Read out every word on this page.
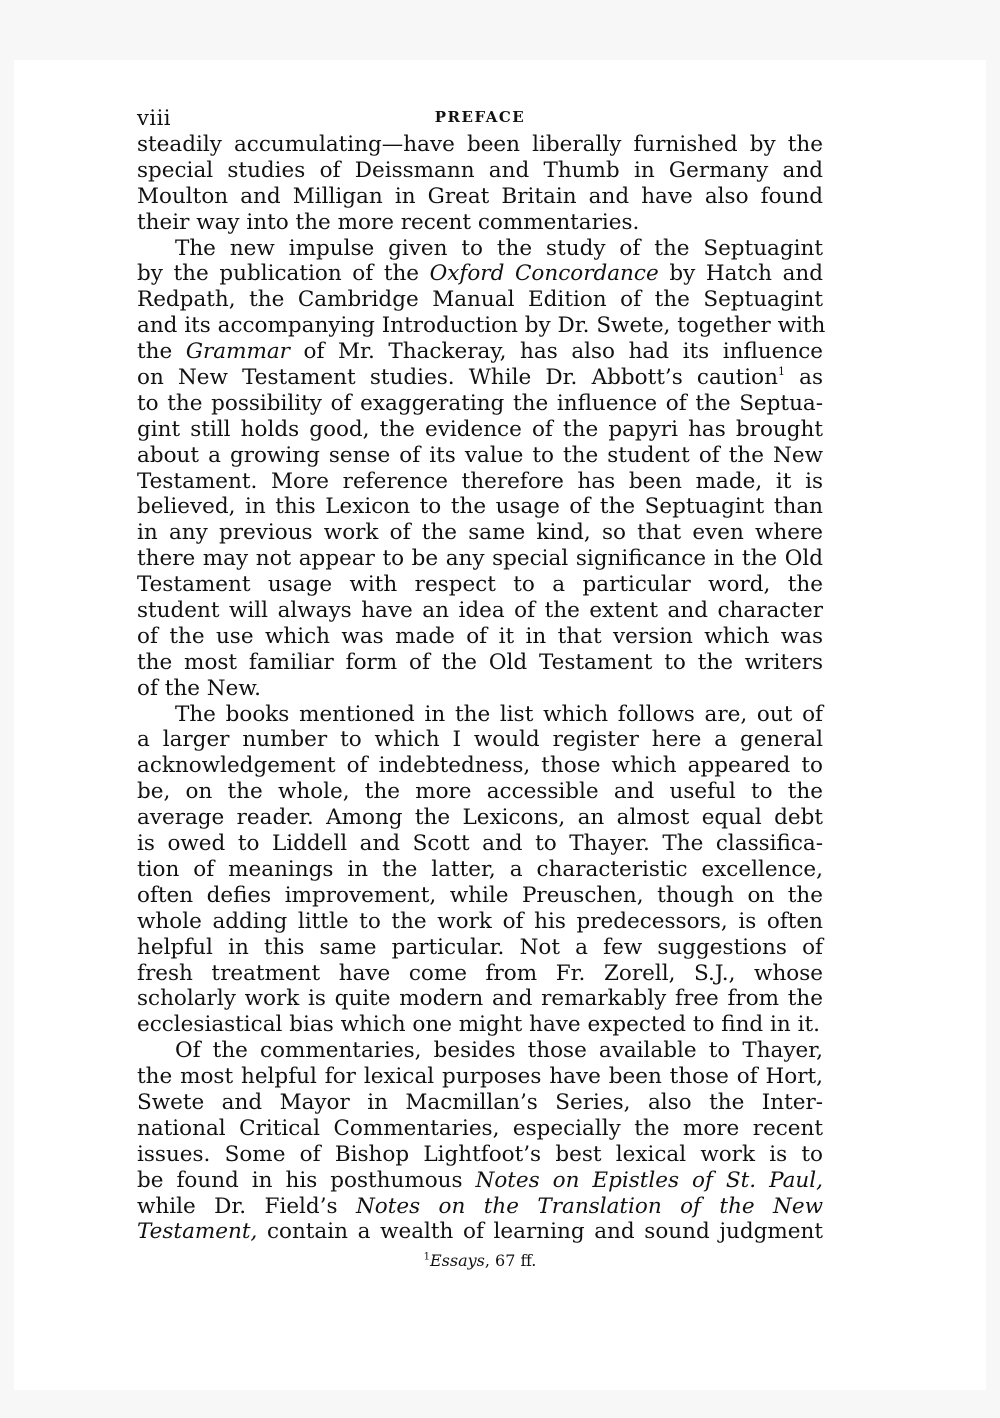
viii	PREFACE
steadily accumulating—have been liberally furnished by the
special studies of Deissmann and Thumb in Germany and
Moulton and Milligan in Great Britain and have also found
their way into the more recent commentaries.
The new impulse given to the study of the Septuagint
by the publication of the Oxford Concordance by Hatch and
Redpath, the Cambridge Manual Edition of the Septuagint
and its accompanying Introduction by Dr. Swete, together with
the Grammar of Mr. Thackeray, has also had its influence
on New Testament studies. While Dr. Abbott’s caution$^1$ as
to the possibility of exaggerating the influence of the Septua-
gint still holds good, the evidence of the papyri has brought
about a growing sense of its value to the student of the New
Testament. More reference therefore has been made, it is
believed, in this Lexicon to the usage of the Septuagint than
in any previous work of the same kind, so that even where
there may not appear to be any special significance in the Old
Testament usage with respect to a particular word, the
student will always have an idea of the extent and character
of the use which was made of it in that version which was
the most familiar form of the Old Testament to the writers
of the New.
The books mentioned in the list which follows are, out of
a larger number to which I would register here a general
acknowledgement of indebtedness, those which appeared to
be, on the whole, the more accessible and useful to the
average reader. Among the Lexicons, an almost equal debt
is owed to Liddell and Scott and to Thayer. The classifica-
tion of meanings in the latter, a characteristic excellence,
often defies improvement, while Preuschen, though on the
whole adding little to the work of his predecessors, is often
helpful in this same particular. Not a few suggestions of
fresh treatment have come from Fr. Zorell, S.J., whose
scholarly work is quite modern and remarkably free from the
ecclesiastical bias which one might have expected to find in it.
Of the commentaries, besides those available to Thayer,
the most helpful for lexical purposes have been those of Hort,
Swete and Mayor in Macmillan’s Series, also the Inter-
national Critical Commentaries, especially the more recent
issues. Some of Bishop Lightfoot’s best lexical work is to
be found in his posthumous Notes on Epistles of St. Paul,
while Dr. Field’s Notes on the Translation of the New
Testament, contain a wealth of learning and sound judgment
$^1$Essays, 67 ff.
